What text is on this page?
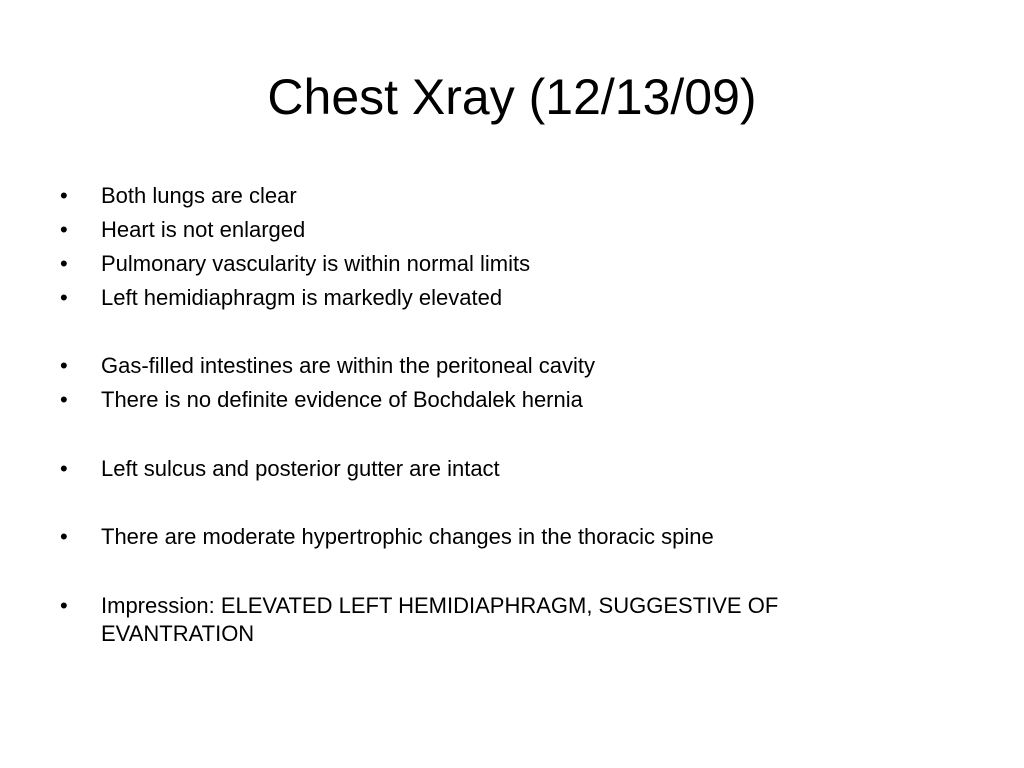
Chest Xray (12/13/09)
•	Both lungs are clear
•	Heart is not enlarged
•	Pulmonary vascularity is within normal limits
•	Left hemidiaphragm is markedly elevated
•	Gas-filled intestines are within the peritoneal cavity
•	There is no definite evidence of Bochdalek hernia
•	Left sulcus and posterior gutter are intact
•	There are moderate hypertrophic changes in the thoracic spine
•	Impression: ELEVATED LEFT HEMIDIAPHRAGM, SUGGESTIVE OF EVANTRATION
